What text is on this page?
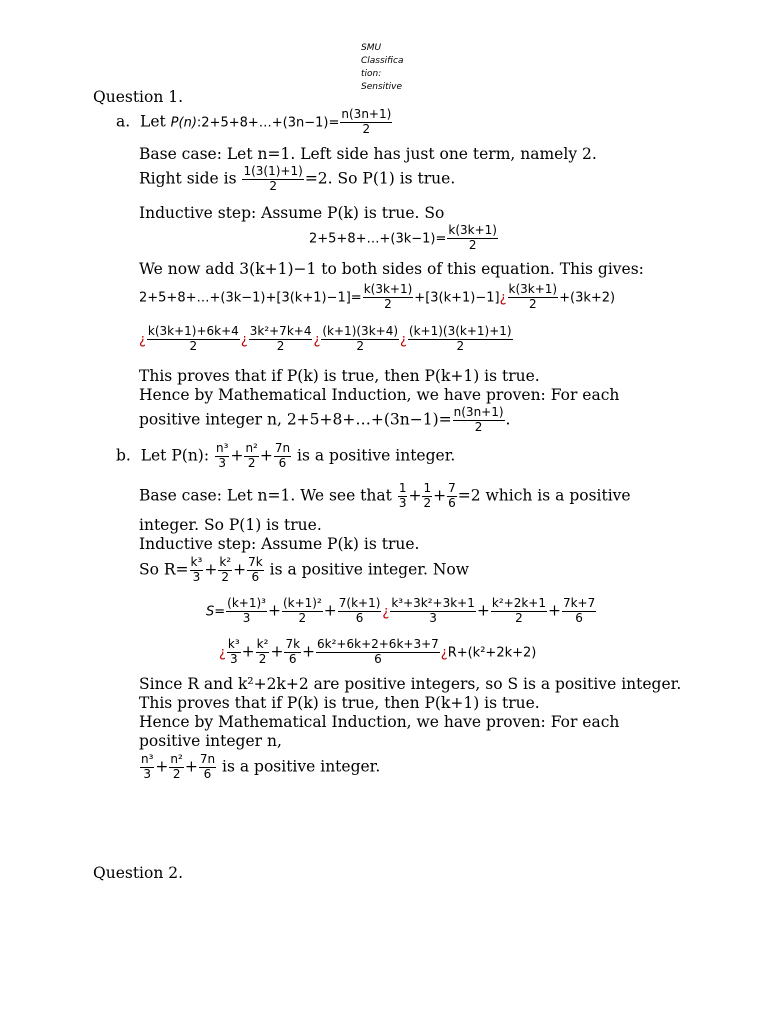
SMU
Classifica
tion:
Sensitive
Question 1.
a. Let P(n):2+5+8+…+(3n−1)= $\frac{n(3n+1)}{2}$
Base case: Let n=1. Left side has just one term, namely 2.
Right side is $\frac{1(3(1)+1)}{2} =2$. So P(1) is true.
Inductive step: Assume P(k) is true. So
2+5+8+…+(3k−1)= $\frac{k(3k+1)}{2}$
We now add 3(k+1)−1 to both sides of this equation. This gives:
2+5+8+…+(3k−1)+[3(k+1)−1]= $\frac{k(3k+1)}{2}$ +[3(k+1)−1]¿ $\frac{k(3k+1)}{2} +(3k+2)$
¿ $\frac{k(3k+1)+6k+4}{2}$ ¿ $\frac{\text{3k²+7k+4}}{2}$ ¿ $\frac{(k+1)(3k+4)}{2}$ ¿ $\frac{(k+1)(3(k+1)+1)}{2}$
This proves that if P(k) is true, then P(k+1) is true.
Hence by Mathematical Induction, we have proven: For each
positive integer n, 2+5+8+…+(3n−1)= $\frac{n(3n+1)}{2}$ .
b. Let P(n): $\frac{\text{n³}}{3} + \frac{\text{n²}}{2} + \frac{7n}{6}$ is a positive integer.
Base case: Let n=1. We see that $\frac{1}{3} + \frac{1}{2} + \frac{7}{6} =2$ which is a positive
integer. So P(1) is true.
Inductive step: Assume P(k) is true.
So $R= \frac{\text{k³}}{3} + \frac{\text{k²}}{2} + \frac{7k}{6}$ is a positive integer. Now
$S= \frac{\text{(k+1)³}}{3} + \frac{\text{(k+1)²}}{2} + \frac{7(k+1)}{6}$ ¿ $\frac{\text{k³+3k²+3k+1}}{3} + \frac{\text{k²+2k+1}}{2} + \frac{7k+7}{6}$
¿ $\frac{\text{k³}}{3} + \frac{\text{k²}}{2} + \frac{7k}{6} + \frac{\text{6k²+6k+2+6k+3+7}}{6}$ ¿R+(k²+2k+2)
Since R and k²+2k+2 are positive integers, so S is a positive integer.
This proves that if P(k) is true, then P(k+1) is true.
Hence by Mathematical Induction, we have proven: For each
positive integer n,
$\frac{\text{n³}}{3} + \frac{\text{n²}}{2} + \frac{7n}{6}$ is a positive integer.
Question 2.
